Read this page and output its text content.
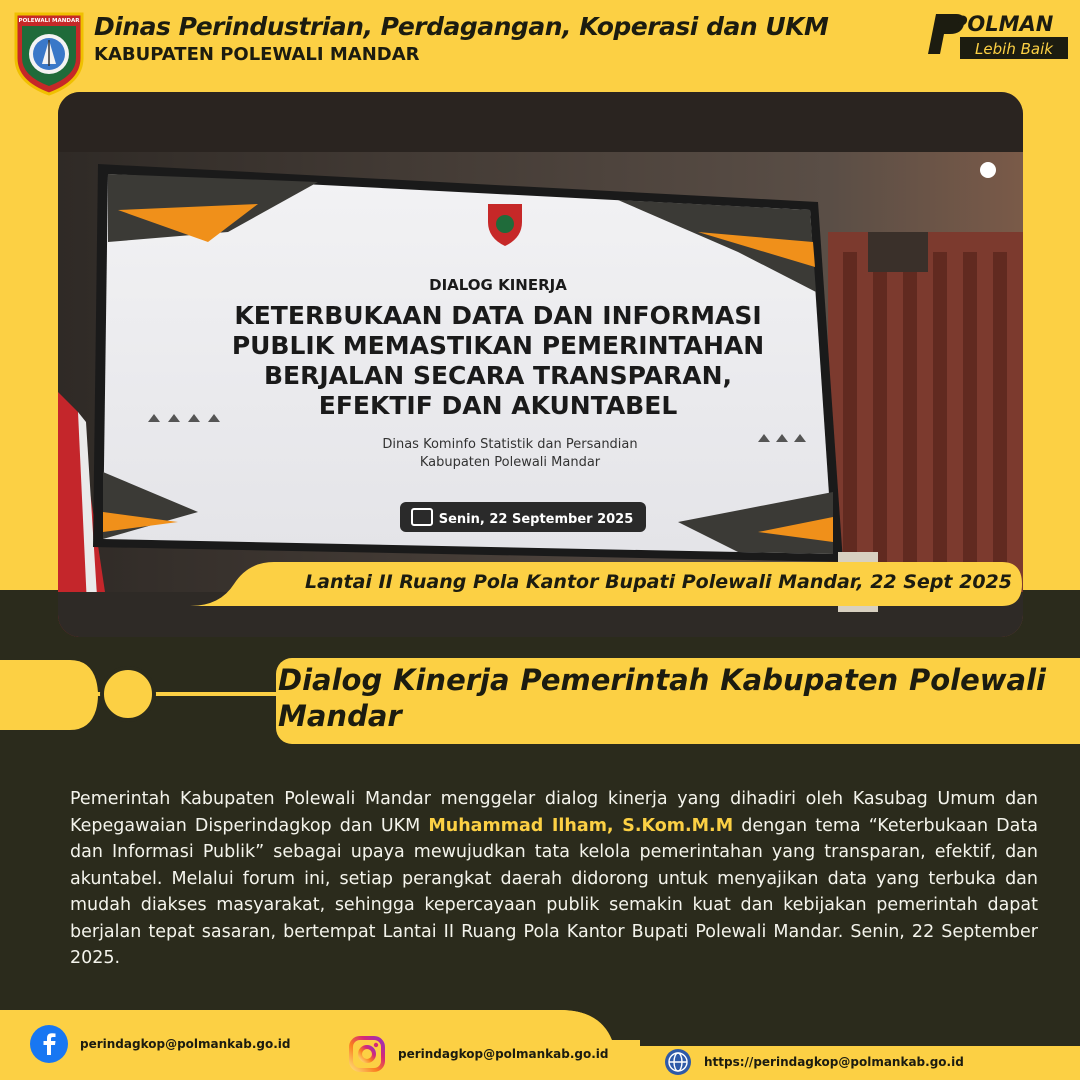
POLEWALI MANDAR Dinas Perindustrian, Perdagangan, Koperasi dan UKM
KABUPATEN POLEWALI MANDAR
POLMAN
Lebih Baik
DIALOG KINERJA
KETERBUKAAN DATA DAN INFORMASI
PUBLIK MEMASTIKAN PEMERINTAHAN
BERJALAN SECARA TRANSPARAN,
EFEKTIF DAN AKUNTABEL
Dinas Kominfo Statistik dan Persandian
Kabupaten Polewali Mandar
Senin, 22 September 2025
Lantai II Ruang Pola Kantor Bupati Polewali Mandar, 22 Sept 2025
Dialog Kinerja Pemerintah Kabupaten Polewali Mandar
Pemerintah Kabupaten Polewali Mandar menggelar dialog kinerja yang dihadiri oleh Kasubag Umum dan Kepegawaian Disperindagkop dan UKM Muhammad Ilham, S.Kom.M.M dengan tema “Keterbukaan Data dan Informasi Publik” sebagai upaya mewujudkan tata kelola pemerintahan yang transparan, efektif, dan akuntabel. Melalui forum ini, setiap perangkat daerah didorong untuk menyajikan data yang terbuka dan mudah diakses masyarakat, sehingga kepercayaan publik semakin kuat dan kebijakan pemerintah dapat berjalan tepat sasaran, bertempat Lantai II Ruang Pola Kantor Bupati Polewali Mandar. Senin, 22 September 2025.
perindagkop@polmankab.go.id
perindagkop@polmankab.go.id
https://perindagkop@polmankab.go.id
